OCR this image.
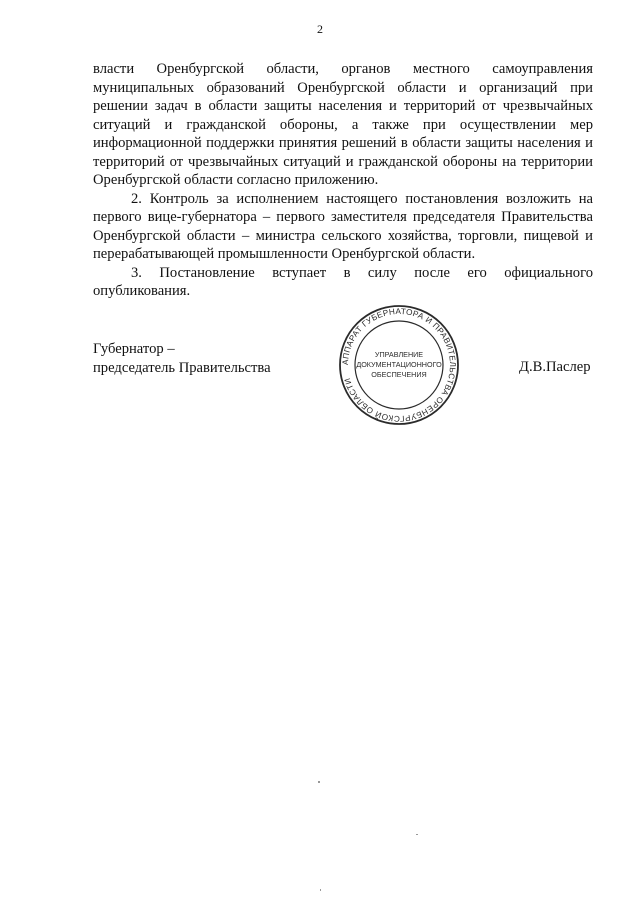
2

власти Оренбургской области, органов местного самоуправления муниципальных образований Оренбургской области и организаций при решении задач в области защиты населения и территорий от чрезвычайных ситуаций и гражданской обороны, а также при осуществлении мер информационной поддержки принятия решений в области защиты населения и территорий от чрезвычайных ситуаций и гражданской обороны на территории Оренбургской области согласно приложению.

2. Контроль за исполнением настоящего постановления возложить на первого вице-губернатора – первого заместителя председателя Правительства Оренбургской области – министра сельского хозяйства, торговли, пищевой и перерабатывающей промышленности Оренбургской области.

3. Постановление вступает в силу после его официального опубликования.

Губернатор –
председатель Правительства	Д.В.Паслер
АППАРАТ ГУБЕРНАТОРА И ПРАВИТЕЛЬСТВА ОРЕНБУРГСКОЙ ОБЛАСТИ
УПРАВЛЕНИЕ
ДОКУМЕНТАЦИОННОГО
ОБЕСПЕЧЕНИЯ
